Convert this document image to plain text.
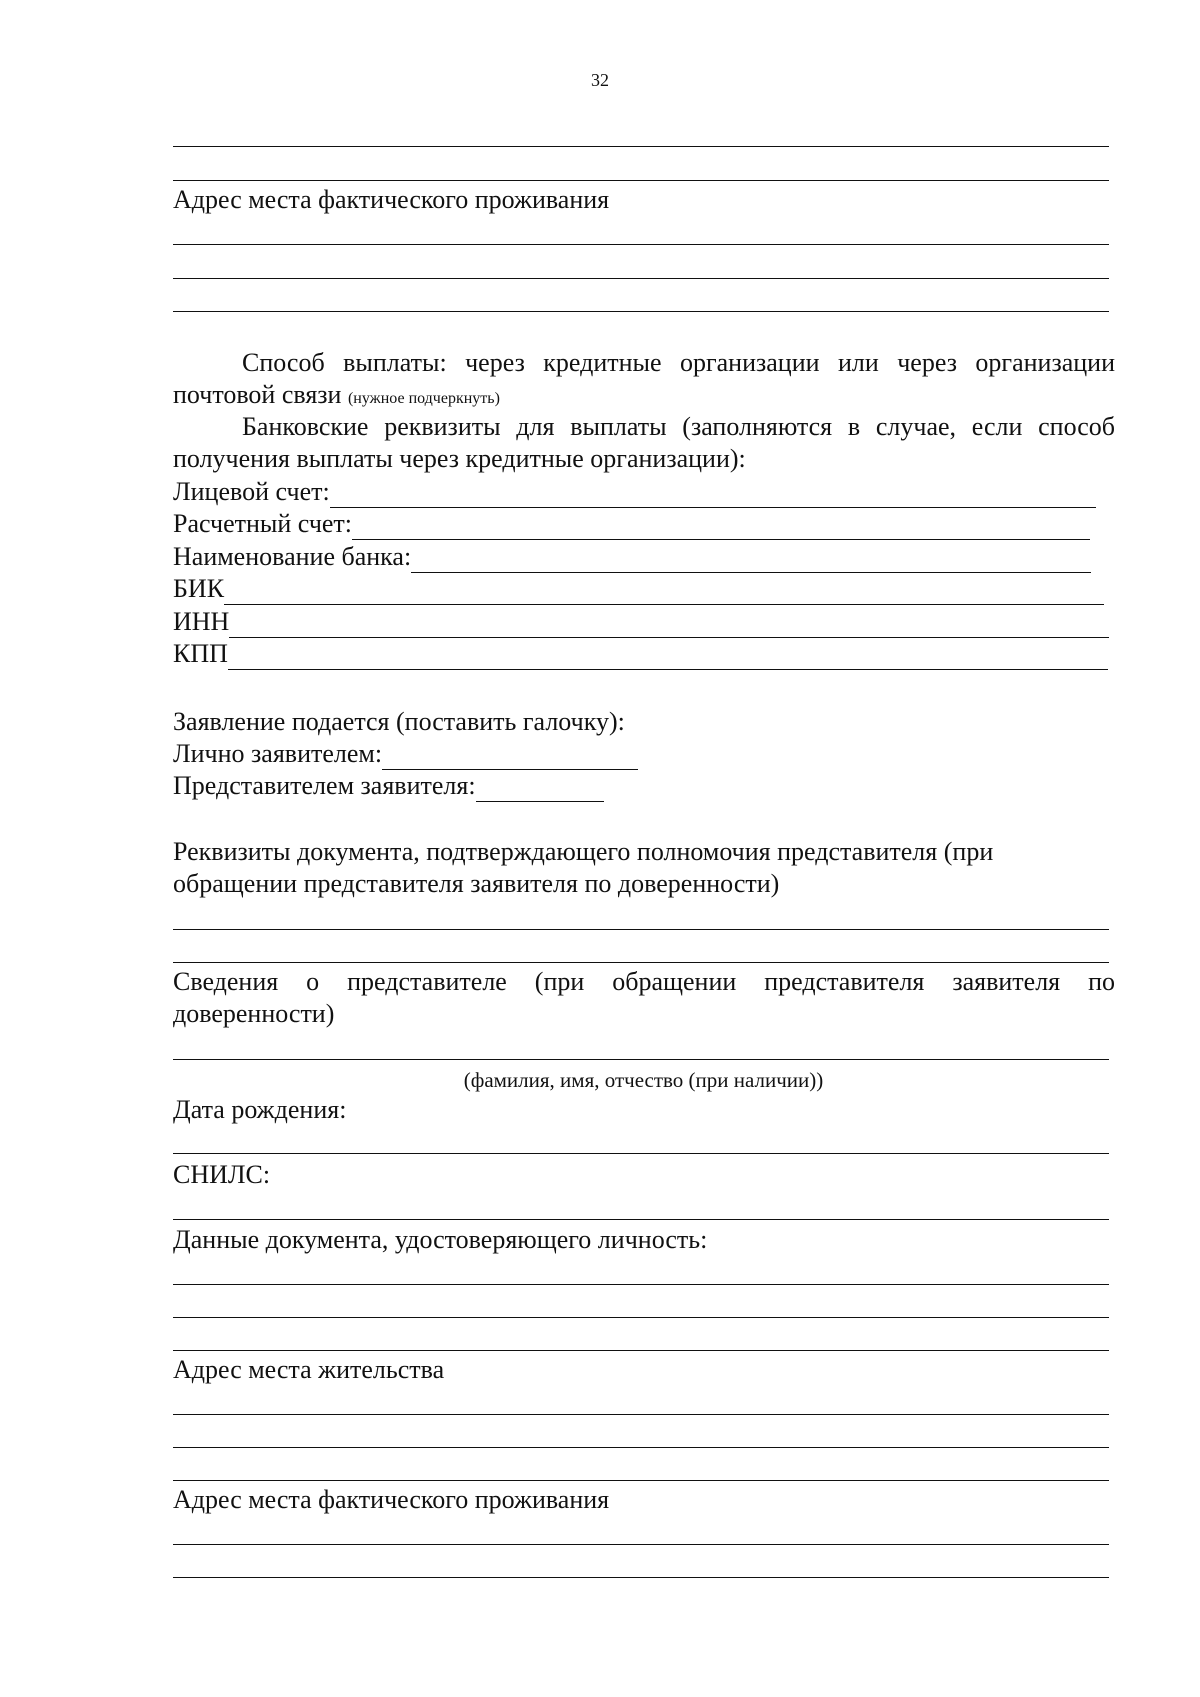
32
Адрес места фактического проживания
Способ выплаты: через кредитные организации или через организации
почтовой связи (нужное подчеркнуть)
Банковские реквизиты для выплаты (заполняются в случае, если способ
получения выплаты через кредитные организации):
Лицевой счет:
Расчетный счет:
Наименование банка:
БИК
ИНН
КПП
Заявление подается (поставить галочку):
Лично заявителем:
Представителем заявителя:
Реквизиты документа, подтверждающего полномочия представителя (при
обращении представителя заявителя по доверенности)
Сведения о представителе (при обращении представителя заявителя по
доверенности)
(фамилия, имя, отчество (при наличии))
Дата рождения:
СНИЛС:
Данные документа, удостоверяющего личность:
Адрес места жительства
Адрес места фактического проживания
